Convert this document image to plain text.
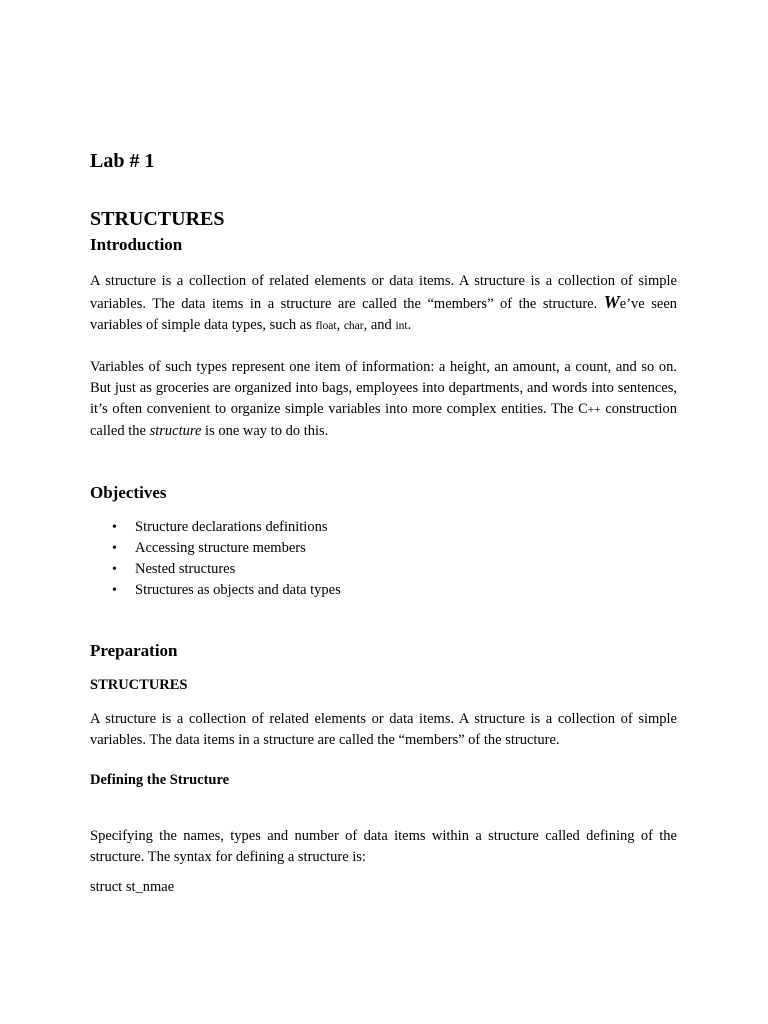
Lab # 1
STRUCTURES
Introduction

A structure is a collection of related elements or data items. A structure is a collection of simple variables. The data items in a structure are called the “members” of the structure. We’ve seen variables of simple data types, such as float, char, and int.

Variables of such types represent one item of information: a height, an amount, a count, and so on. But just as groceries are organized into bags, employees into departments, and words into sentences, it’s often convenient to organize simple variables into more complex entities. The C++ construction called the structure is one way to do this.

Objectives
• Structure declarations definitions
• Accessing structure members
• Nested structures
• Structures as objects and data types
Preparation
STRUCTURES

A structure is a collection of related elements or data items. A structure is a collection of simple variables. The data items in a structure are called the “members” of the structure.

Defining the Structure

Specifying the names, types and number of data items within a structure called defining of the structure. The syntax for defining a structure is:

struct st_nmae
